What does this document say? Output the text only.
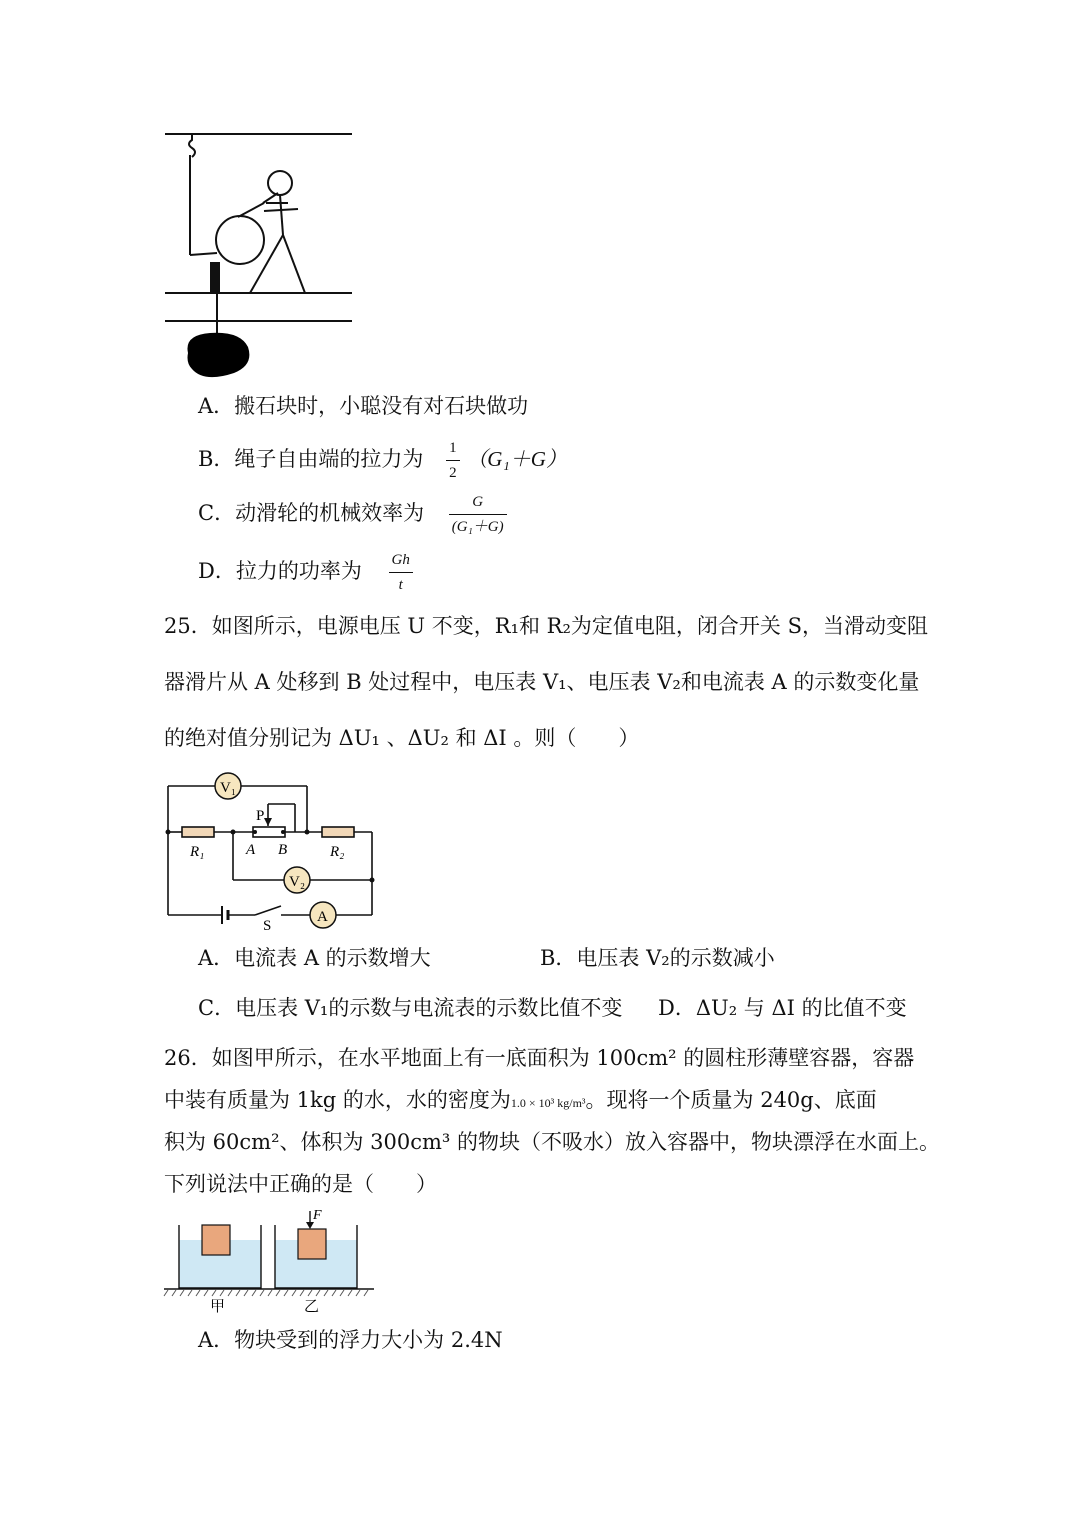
A．搬石块时，小聪没有对石块做功
B．绳子自由端的拉力为 $\frac{1}{2} (G_1+G)$
C．动滑轮的机械效率为 $\frac{G}{\text{(G₁＋G)}}$
D．拉力的功率为 $\frac{Gh}{t}$
25．如图所示，电源电压 U 不变，R₁和 R₂为定值电阻，闭合开关 S，当滑动变阻
器滑片从 A 处移到 B 处过程中，电压表 V₁、电压表 V₂和电流表 A 的示数变化量
的绝对值分别记为 ΔU₁ 、ΔU₂ 和 ΔI 。则（　　）
V₁
V₂
A
P
A B
R₁	R₂
S
A．电流表 A 的示数增大	B．电压表 V₂的示数减小
C．电压表 V₁的示数与电流表的示数比值不变 D．ΔU₂ 与 ΔI 的比值不变
26．如图甲所示，在水平地面上有一底面积为 100cm² 的圆柱形薄壁容器，容器
中装有质量为 1kg 的水，水的密度为1.0 × 10³ kg/m³。现将一个质量为 240g、底面
积为 60cm²、体积为 300cm³ 的物块（不吸水）放入容器中，物块漂浮在水面上。
下列说法中正确的是（　　）
F
甲	乙
A．物块受到的浮力大小为 2.4N
